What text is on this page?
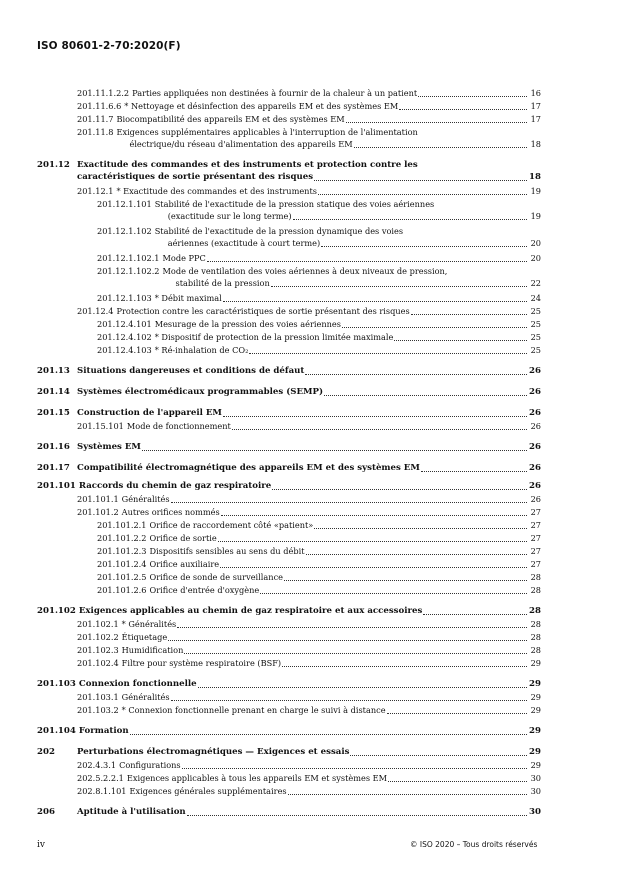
ISO 80601-2-70:2020(F)
201.11.1.2.2 Parties appliquées non destinées à fournir de la chaleur à un patient	16
201.11.6.6 * Nettoyage et désinfection des appareils EM et des systèmes EM	17
201.11.7 Biocompatibilité des appareils EM et des systèmes EM	17
201.11.8 Exigences supplémentaires applicables à l'interruption de l'alimentation
électrique/du réseau d'alimentation des appareils EM	18
201.12 Exactitude des commandes et des instruments et protection contre les
caractéristiques de sortie présentant des risques	18
201.12.1 * Exactitude des commandes et des instruments	19
201.12.1.101 Stabilité de l'exactitude de la pression statique des voies aériennes
(exactitude sur le long terme)	19
201.12.1.102 Stabilité de l'exactitude de la pression dynamique des voies
aériennes (exactitude à court terme)	20
201.12.1.102.1 Mode PPC	20
201.12.1.102.2 Mode de ventilation des voies aériennes à deux niveaux de pression,
stabilité de la pression	22
201.12.1.103 * Débit maximal	24
201.12.4 Protection contre les caractéristiques de sortie présentant des risques	25
201.12.4.101 Mesurage de la pression des voies aériennes	25
201.12.4.102 * Dispositif de protection de la pression limitée maximale	25
201.12.4.103 * Ré-inhalation de CO₂	25
201.13 Situations dangereuses et conditions de défaut	26
201.14 Systèmes électromédicaux programmables (SEMP)	26
201.15 Construction de l'appareil EM	26
201.15.101 Mode de fonctionnement	26
201.16 Systèmes EM	26
201.17 Compatibilité électromagnétique des appareils EM et des systèmes EM	26
201.101 Raccords du chemin de gaz respiratoire	26
201.101.1 Généralités	26
201.101.2 Autres orifices nommés	27
201.101.2.1 Orifice de raccordement côté «patient»	27
201.101.2.2 Orifice de sortie	27
201.101.2.3 Dispositifs sensibles au sens du débit	27
201.101.2.4 Orifice auxiliaire	27
201.101.2.5 Orifice de sonde de surveillance	28
201.101.2.6 Orifice d'entrée d'oxygène	28
201.102 Exigences applicables au chemin de gaz respiratoire et aux accessoires	28
201.102.1 * Généralités	28
201.102.2 Étiquetage	28
201.102.3 Humidification	28
201.102.4 Filtre pour système respiratoire (BSF)	29
201.103 Connexion fonctionnelle	29
201.103.1 Généralités	29
201.103.2 * Connexion fonctionnelle prenant en charge le suivi à distance	29
201.104 Formation	29
202	Perturbations électromagnétiques — Exigences et essais	29
202.4.3.1 Configurations	29
202.5.2.2.1 Exigences applicables à tous les appareils EM et systèmes EM	30
202.8.1.101 Exigences générales supplémentaires	30
206	Aptitude à l'utilisation	30
iv	© ISO 2020 – Tous droits réservés
